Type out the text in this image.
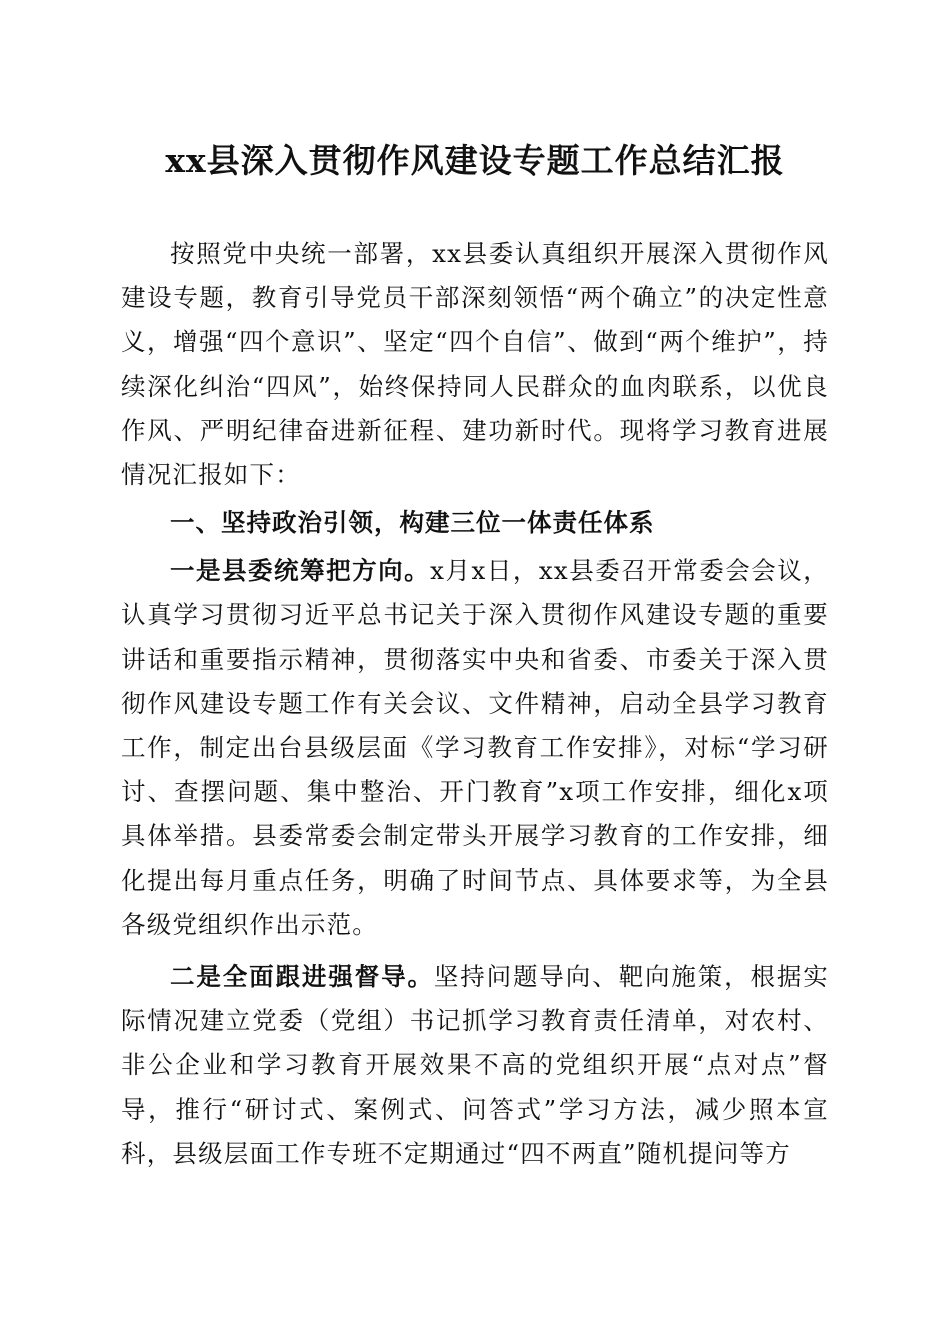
xx县深入贯彻作风建设专题工作总结汇报

按照党中央统一部署，xx县委认真组织开展深入贯彻作风建设专题，教育引导党员干部深刻领悟“两个确立”的决定性意义，增强“四个意识”、坚定“四个自信”、做到“两个维护”，持续深化纠治“四风”，始终保持同人民群众的血肉联系，以优良作风、严明纪律奋进新征程、建功新时代。现将学习教育进展情况汇报如下：

一、坚持政治引领，构建三位一体责任体系

一是县委统筹把方向。x月x日，xx县委召开常委会会议，认真学习贯彻习近平总书记关于深入贯彻作风建设专题的重要讲话和重要指示精神，贯彻落实中央和省委、市委关于深入贯彻作风建设专题工作有关会议、文件精神，启动全县学习教育工作，制定出台县级层面《学习教育工作安排》，对标“学习研讨、查摆问题、集中整治、开门教育”x项工作安排，细化x项具体举措。县委常委会制定带头开展学习教育的工作安排，细化提出每月重点任务，明确了时间节点、具体要求等，为全县各级党组织作出示范。

二是全面跟进强督导。坚持问题导向、靶向施策，根据实际情况建立党委（党组）书记抓学习教育责任清单，对农村、非公企业和学习教育开展效果不高的党组织开展“点对点”督导，推行“研讨式、案例式、问答式”学习方法，减少照本宣科，县级层面工作专班不定期通过“四不两直”随机提问等方
